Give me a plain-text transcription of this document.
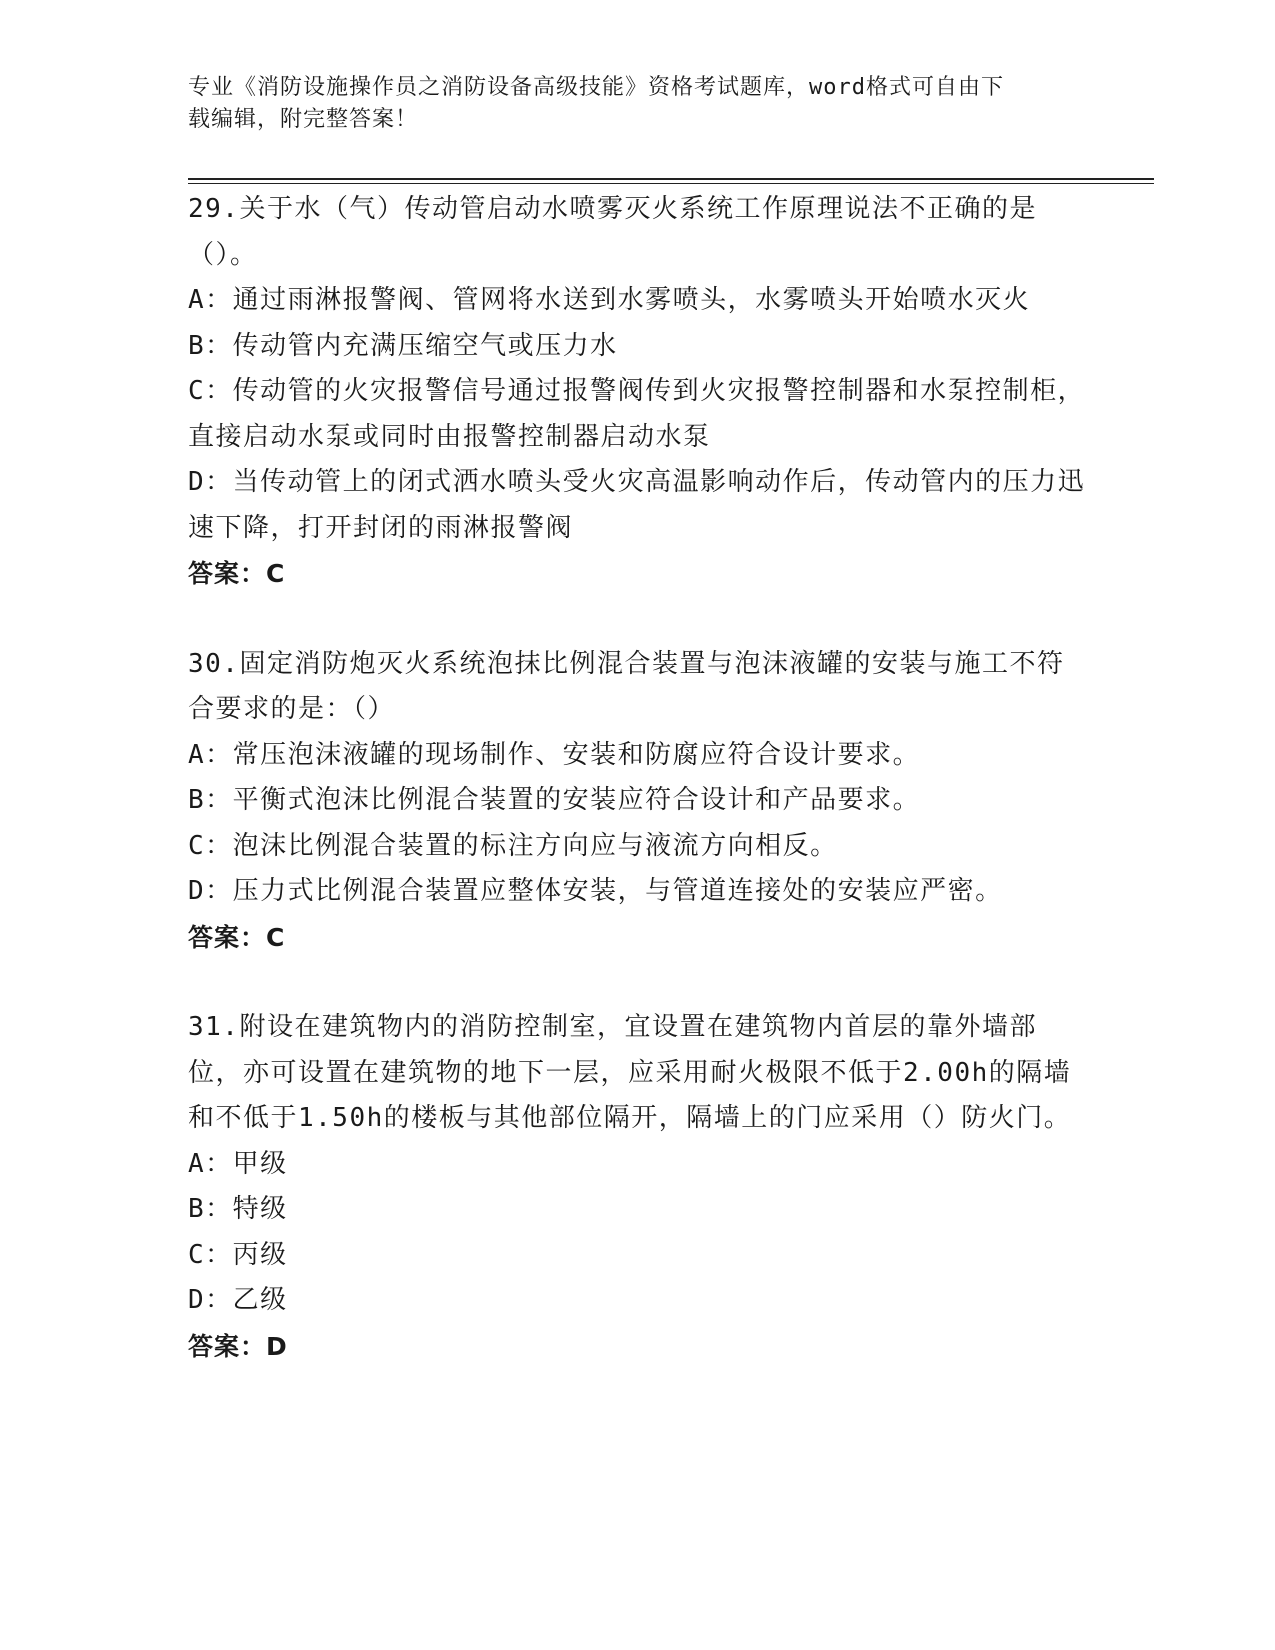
专业《消防设施操作员之消防设备高级技能》资格考试题库，word格式可自由下
载编辑，附完整答案！
29.关于水（气）传动管启动水喷雾灭火系统工作原理说法不正确的是（）。
A：通过雨淋报警阀、管网将水送到水雾喷头，水雾喷头开始喷水灭火
B：传动管内充满压缩空气或压力水
C：传动管的火灾报警信号通过报警阀传到火灾报警控制器和水泵控制柜，直接启动水泵或同时由报警控制器启动水泵
D：当传动管上的闭式洒水喷头受火灾高温影响动作后，传动管内的压力迅速下降，打开封闭的雨淋报警阀
答案：C
30.固定消防炮灭火系统泡抹比例混合装置与泡沫液罐的安装与施工不符合要求的是：（）
A：常压泡沫液罐的现场制作、安装和防腐应符合设计要求。
B：平衡式泡沫比例混合装置的安装应符合设计和产品要求。
C：泡沫比例混合装置的标注方向应与液流方向相反。
D：压力式比例混合装置应整体安装，与管道连接处的安装应严密。
答案：C
31.附设在建筑物内的消防控制室，宜设置在建筑物内首层的靠外墙部位，亦可设置在建筑物的地下一层，应采用耐火极限不低于2.00h的隔墙和不低于1.50h的楼板与其他部位隔开，隔墙上的门应采用（）防火门。
A：甲级
B：特级
C：丙级
D：乙级
答案：D
